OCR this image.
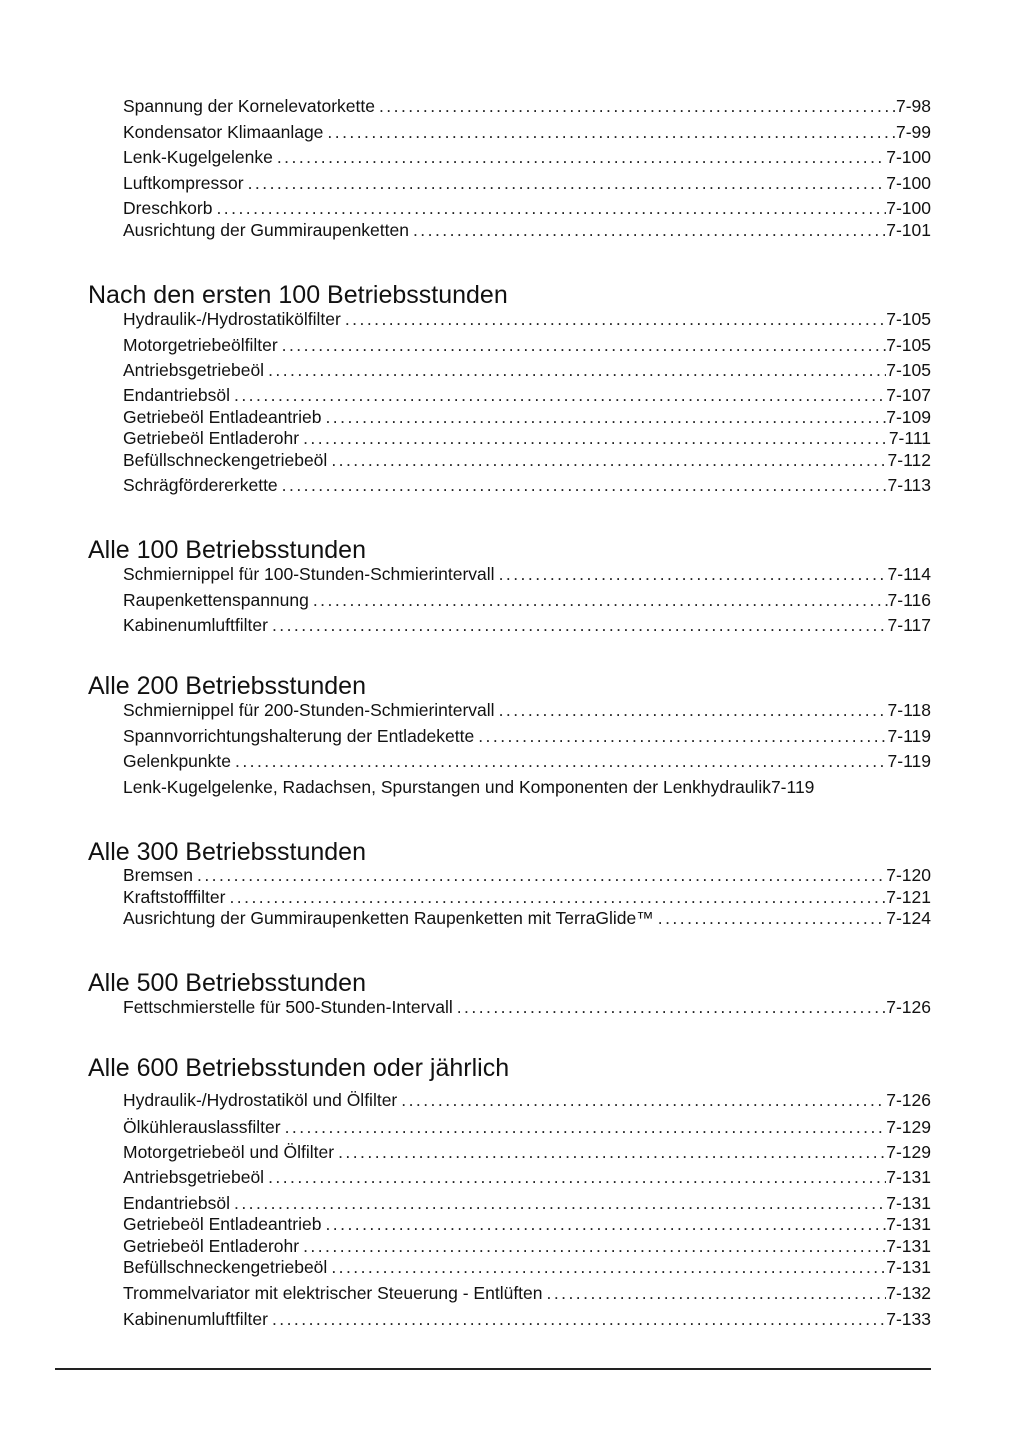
Spannung der Kornelevatorkette . . .	7-98
Kondensator Klimaanlage . . .	7-99
Lenk-Kugelgelenke . . .	7-100
Luftkompressor . . .	7-100
Dreschkorb . . .	7-100
Ausrichtung der Gummiraupenketten . . .	7-101
Nach den ersten 100 Betriebsstunden
Hydraulik-/Hydrostatikölfilter . . .	7-105
Motorgetriebeölfilter . . .	7-105
Antriebsgetriebeöl . . .	7-105
Endantriebsöl . . .	7-107
Getriebeöl Entladeantrieb . . .	7-109
Getriebeöl Entladerohr . . .	7-111
Befüllschneckengetriebeöl . . .	7-112
Schrägfördererkette . . .	7-113
Alle 100 Betriebsstunden
Schmiernippel für 100-Stunden-Schmierintervall . . .	7-114
Raupenkettenspannung . . .	7-116
Kabinenumluftfilter . . .	7-117
Alle 200 Betriebsstunden
Schmiernippel für 200-Stunden-Schmierintervall . . .	7-118
Spannvorrichtungshalterung der Entladekette . . .	7-119
Gelenkpunkte . . .	7-119
Lenk-Kugelgelenke, Radachsen, Spurstangen und Komponenten der Lenkhydraulik 7-119
Alle 300 Betriebsstunden
Bremsen . . .	7-120
Kraftstofffilter . . .	7-121
Ausrichtung der Gummiraupenketten Raupenketten mit TerraGlide™ . . .	7-124
Alle 500 Betriebsstunden
Fettschmierstelle für 500-Stunden-Intervall . . .	7-126
Alle 600 Betriebsstunden oder jährlich
Hydraulik-/Hydrostatiköl und Ölfilter . . .	7-126
Ölkühlerauslassfilter . . .	7-129
Motorgetriebeöl und Ölfilter . . .	7-129
Antriebsgetriebeöl . . .	7-131
Endantriebsöl . . .	7-131
Getriebeöl Entladeantrieb . . .	7-131
Getriebeöl Entladerohr . . .	7-131
Befüllschneckengetriebeöl . . .	7-131
Trommelvariator mit elektrischer Steuerung - Entlüften . . .	7-132
Kabinenumluftfilter . . .	7-133
